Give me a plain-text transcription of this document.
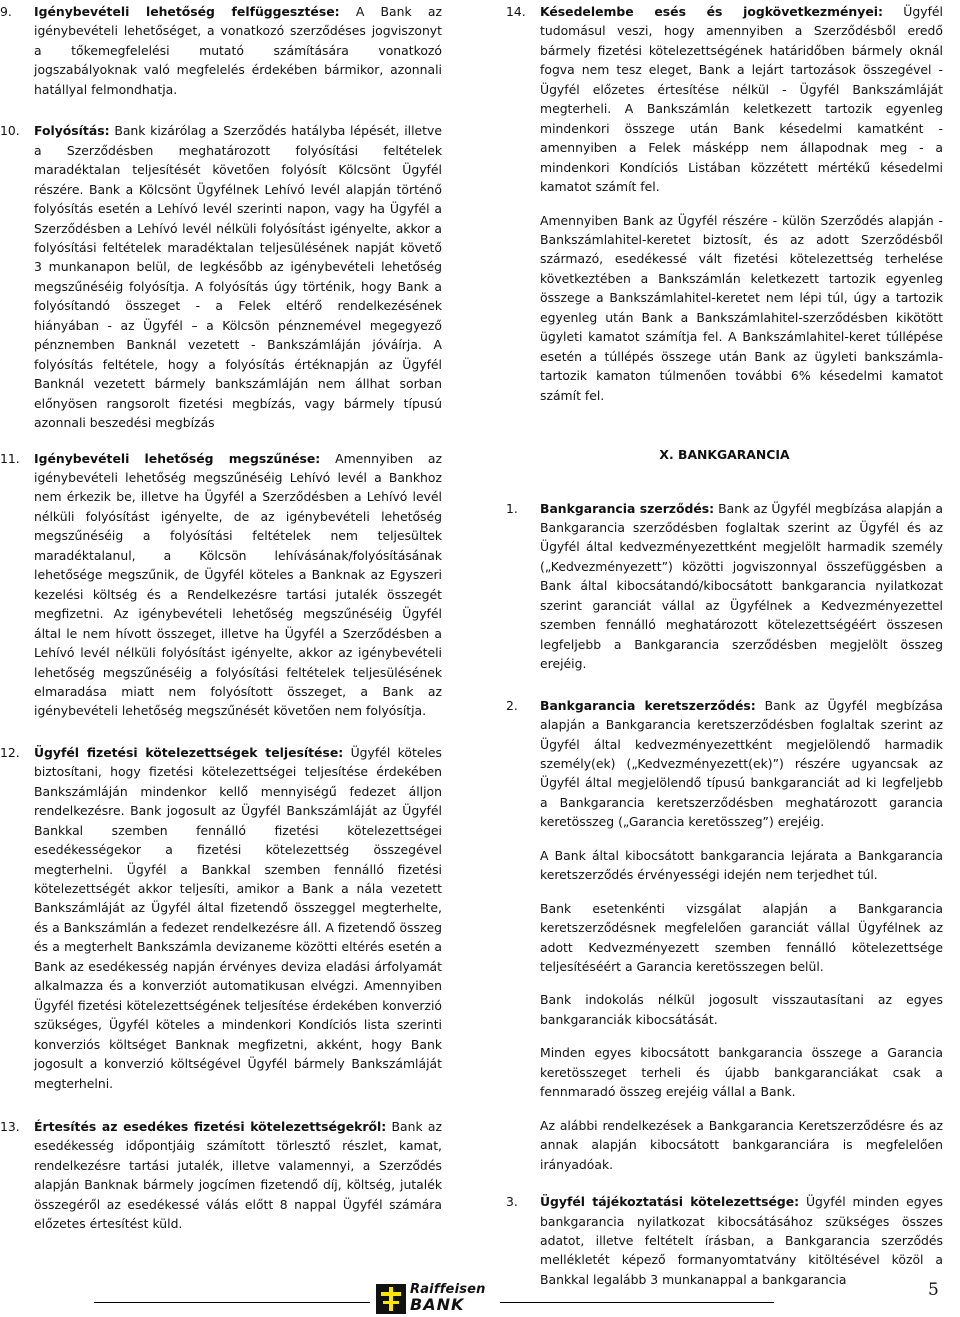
9. Igénybevételi lehetőség felfüggesztése: A Bank az igénybevételi lehetőséget, a vonatkozó szerződéses jogviszonyt a tőkemegfelelési mutató számítására vonatkozó jogszabályoknak való megfelelés érdekében bármikor, azonnali hatállyal felmondhatja.

10. Folyósítás: Bank kizárólag a Szerződés hatályba lépését, illetve a Szerződésben meghatározott folyósítási feltételek maradéktalan teljesítését követően folyósít Kölcsönt Ügyfél részére. Bank a Kölcsönt Ügyfélnek Lehívó levél alapján történő folyósítás esetén a Lehívó levél szerinti napon, vagy ha Ügyfél a Szerződésben a Lehívó levél nélküli folyósítást igényelte, akkor a folyósítási feltételek maradéktalan teljesülésének napját követő 3 munkanapon belül, de legkésőbb az igénybevételi lehetőség megszűnéséig folyósítja. A folyósítás úgy történik, hogy Bank a folyósítandó összeget - a Felek eltérő rendelkezésének hiányában - az Ügyfél – a Kölcsön pénznemével megegyező pénznemben Banknál vezetett - Bankszámláján jóváírja. A folyósítás feltétele, hogy a folyósítás értéknapján az Ügyfél Banknál vezetett bármely bankszámláján nem állhat sorban előnyösen rangsorolt fizetési megbízás, vagy bármely típusú azonnali beszedési megbízás

11. Igénybevételi lehetőség megszűnése: Amennyiben az igénybevételi lehetőség megszűnéséig Lehívó levél a Bankhoz nem érkezik be, illetve ha Ügyfél a Szerződésben a Lehívó levél nélküli folyósítást igényelte, de az igénybevételi lehetőség megszűnéséig a folyósítási feltételek nem teljesültek maradéktalanul, a Kölcsön lehívásának/folyósításának lehetősége megszűnik, de Ügyfél köteles a Banknak az Egyszeri kezelési költség és a Rendelkezésre tartási jutalék összegét megfizetni. Az igénybevételi lehetőség megszűnéséig Ügyfél által le nem hívott összeget, illetve ha Ügyfél a Szerződésben a Lehívó levél nélküli folyósítást igényelte, akkor az igénybevételi lehetőség megszűnéséig a folyósítási feltételek teljesülésének elmaradása miatt nem folyósított összeget, a Bank az igénybevételi lehetőség megszűnését követően nem folyósítja.

12. Ügyfél fizetési kötelezettségek teljesítése: Ügyfél köteles biztosítani, hogy fizetési kötelezettségei teljesítése érdekében Bankszámláján mindenkor kellő mennyiségű fedezet álljon rendelkezésre. Bank jogosult az Ügyfél Bankszámláját az Ügyfél Bankkal szemben fennálló fizetési kötelezettségei esedékességekor a fizetési kötelezettség összegével megterhelni. Ügyfél a Bankkal szemben fennálló fizetési kötelezettségét akkor teljesíti, amikor a Bank a nála vezetett Bankszámláját az Ügyfél által fizetendő összeggel megterhelte, és a Bankszámlán a fedezet rendelkezésre áll. A fizetendő összeg és a megterhelt Bankszámla devizaneme közötti eltérés esetén a Bank az esedékesség napján érvényes deviza eladási árfolyamát alkalmazza és a konverziót automatikusan elvégzi. Amennyiben Ügyfél fizetési kötelezettségének teljesítése érdekében konverzió szükséges, Ügyfél köteles a mindenkori Kondíciós lista szerinti konverziós költséget Banknak megfizetni, akként, hogy Bank jogosult a konverzió költségével Ügyfél bármely Bankszámláját megterhelni.

13. Értesítés az esedékes fizetési kötelezettségekről: Bank az esedékesség időpontjáig számított törlesztő részlet, kamat, rendelkezésre tartási jutalék, illetve valamennyi, a Szerződés alapján Banknak bármely jogcímen fizetendő díj, költség, jutalék összegéről az esedékessé válás előtt 8 nappal Ügyfél számára előzetes értesítést küld.

14. Késedelembe esés és jogkövetkezményei: Ügyfél tudomásul veszi, hogy amennyiben a Szerződésből eredő bármely fizetési kötelezettségének határidőben bármely oknál fogva nem tesz eleget, Bank a lejárt tartozások összegével - Ügyfél előzetes értesítése nélkül - Ügyfél Bankszámláját megterheli. A Bankszámlán keletkezett tartozik egyenleg mindenkori összege után Bank késedelmi kamatként - amennyiben a Felek másképp nem állapodnak meg - a mindenkori Kondíciós Listában közzétett mértékű késedelmi kamatot számít fel.

Amennyiben Bank az Ügyfél részére - külön Szerződés alapján - Bankszámlahitel-keretet biztosít, és az adott Szerződésből származó, esedékessé vált fizetési kötelezettség terhelése következtében a Bankszámlán keletkezett tartozik egyenleg összege a Bankszámlahitel-keretet nem lépi túl, úgy a tartozik egyenleg után Bank a Bankszámlahitel-szerződésben kikötött ügyleti kamatot számítja fel. A Bankszámlahitel-keret túllépése esetén a túllépés összege után Bank az ügyleti bankszámla-tartozik kamaton túlmenően további 6% késedelmi kamatot számít fel.

X. BANKGARANCIA
1. Bankgarancia szerződés: Bank az Ügyfél megbízása alapján a Bankgarancia szerződésben foglaltak szerint az Ügyfél és az Ügyfél által kedvezményezettként megjelölt harmadik személy („Kedvezményezett”) közötti jogviszonnyal összefüggésben a Bank által kibocsátandó/kibocsátott bankgarancia nyilatkozat szerint garanciát vállal az Ügyfélnek a Kedvezményezettel szemben fennálló meghatározott kötelezettségéért összesen legfeljebb a Bankgarancia szerződésben megjelölt összeg erejéig.

2. Bankgarancia keretszerződés: Bank az Ügyfél megbízása alapján a Bankgarancia keretszerződésben foglaltak szerint az Ügyfél által kedvezményezettként megjelölendő harmadik személy(ek) („Kedvezményezett(ek)”) részére ugyancsak az Ügyfél által megjelölendő típusú bankgaranciát ad ki legfeljebb a Bankgarancia keretszerződésben meghatározott garancia keretösszeg („Garancia keretösszeg”) erejéig.

A Bank által kibocsátott bankgarancia lejárata a Bankgarancia keretszerződés érvényességi idején nem terjedhet túl.

Bank esetenkénti vizsgálat alapján a Bankgarancia keretszerződésnek megfelelően garanciát vállal Ügyfélnek az adott Kedvezményezett szemben fennálló kötelezettsége teljesítéséért a Garancia keretösszegen belül.

Bank indokolás nélkül jogosult visszautasítani az egyes bankgaranciák kibocsátását.

Minden egyes kibocsátott bankgarancia összege a Garancia keretösszeget terheli és újabb bankgaranciákat csak a fennmaradó összeg erejéig vállal a Bank.

Az alábbi rendelkezések a Bankgarancia Keretszerződésre és az annak alapján kibocsátott bankgaranciára is megfelelően irányadóak.

3. Ügyfél tájékoztatási kötelezettsége: Ügyfél minden egyes bankgarancia nyilatkozat kibocsátásához szükséges összes adatot, illetve feltételt írásban, a Bankgarancia szerződés mellékletét képező formanyomtatvány kitöltésével közöl a Bankkal legalább 3 munkanappal a bankgarancia

Raiffeisen
BANK
5
